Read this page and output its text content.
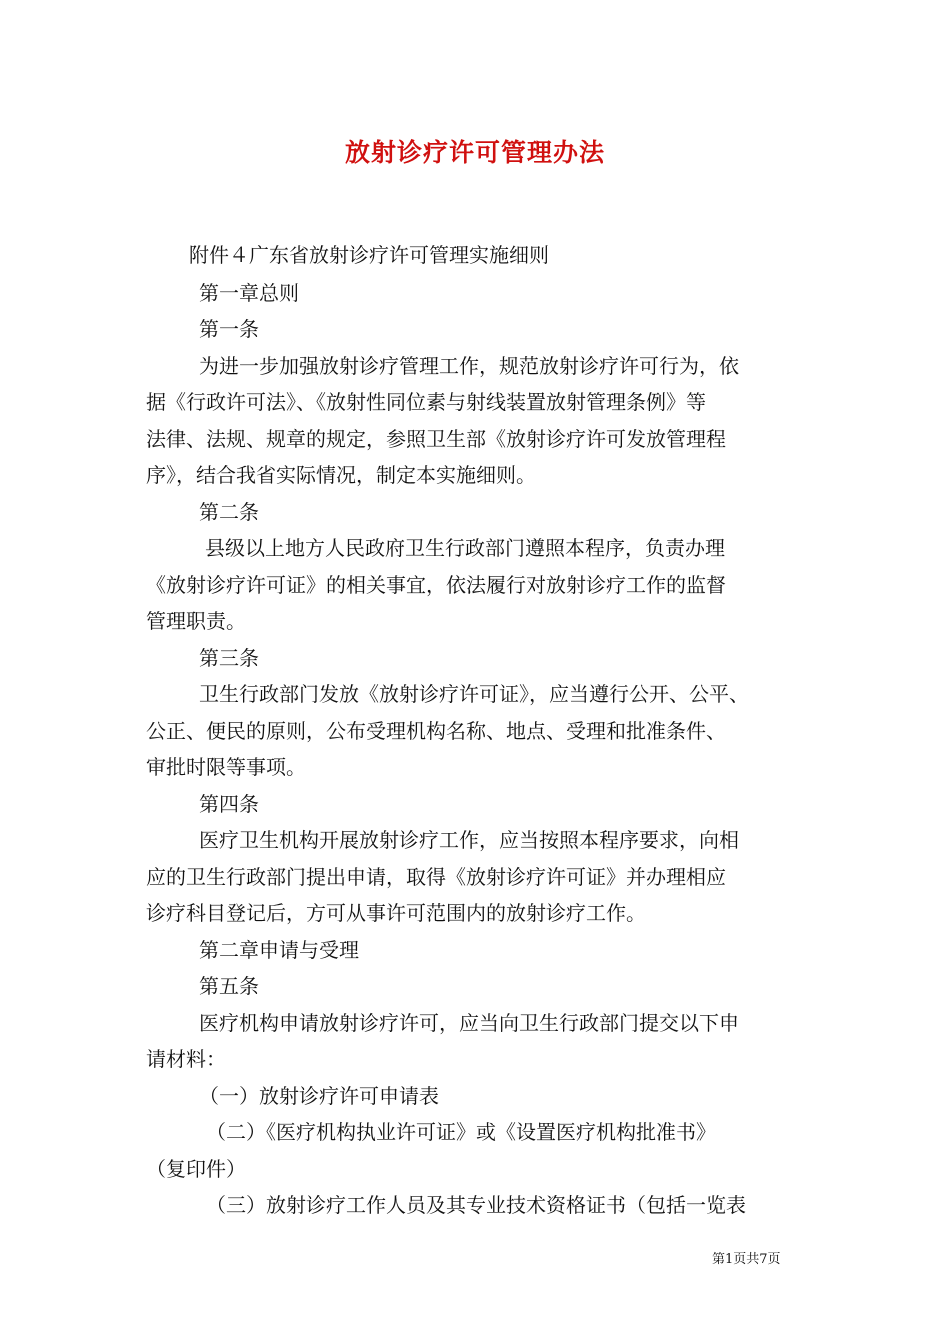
放射诊疗许可管理办法
附件４广东省放射诊疗许可管理实施细则
第一章总则
第一条
为进一步加强放射诊疗管理工作，规范放射诊疗许可行为，依
据《行政许可法》、《放射性同位素与射线装置放射管理条例》等
法律、法规、规章的规定，参照卫生部《放射诊疗许可发放管理程
序》，结合我省实际情况，制定本实施细则。
第二条
县级以上地方人民政府卫生行政部门遵照本程序，负责办理
《放射诊疗许可证》的相关事宜，依法履行对放射诊疗工作的监督
管理职责。
第三条
卫生行政部门发放《放射诊疗许可证》，应当遵行公开、公平、
公正、便民的原则，公布受理机构名称、地点、受理和批准条件、
审批时限等事项。
第四条
医疗卫生机构开展放射诊疗工作，应当按照本程序要求，向相
应的卫生行政部门提出申请，取得《放射诊疗许可证》并办理相应
诊疗科目登记后，方可从事许可范围内的放射诊疗工作。
第二章申请与受理
第五条
医疗机构申请放射诊疗许可，应当向卫生行政部门提交以下申
请材料：
（一）放射诊疗许可申请表
（二）《医疗机构执业许可证》或《设置医疗机构批准书》
（复印件）
（三）放射诊疗工作人员及其专业技术资格证书（包括一览表
第1页共7页
